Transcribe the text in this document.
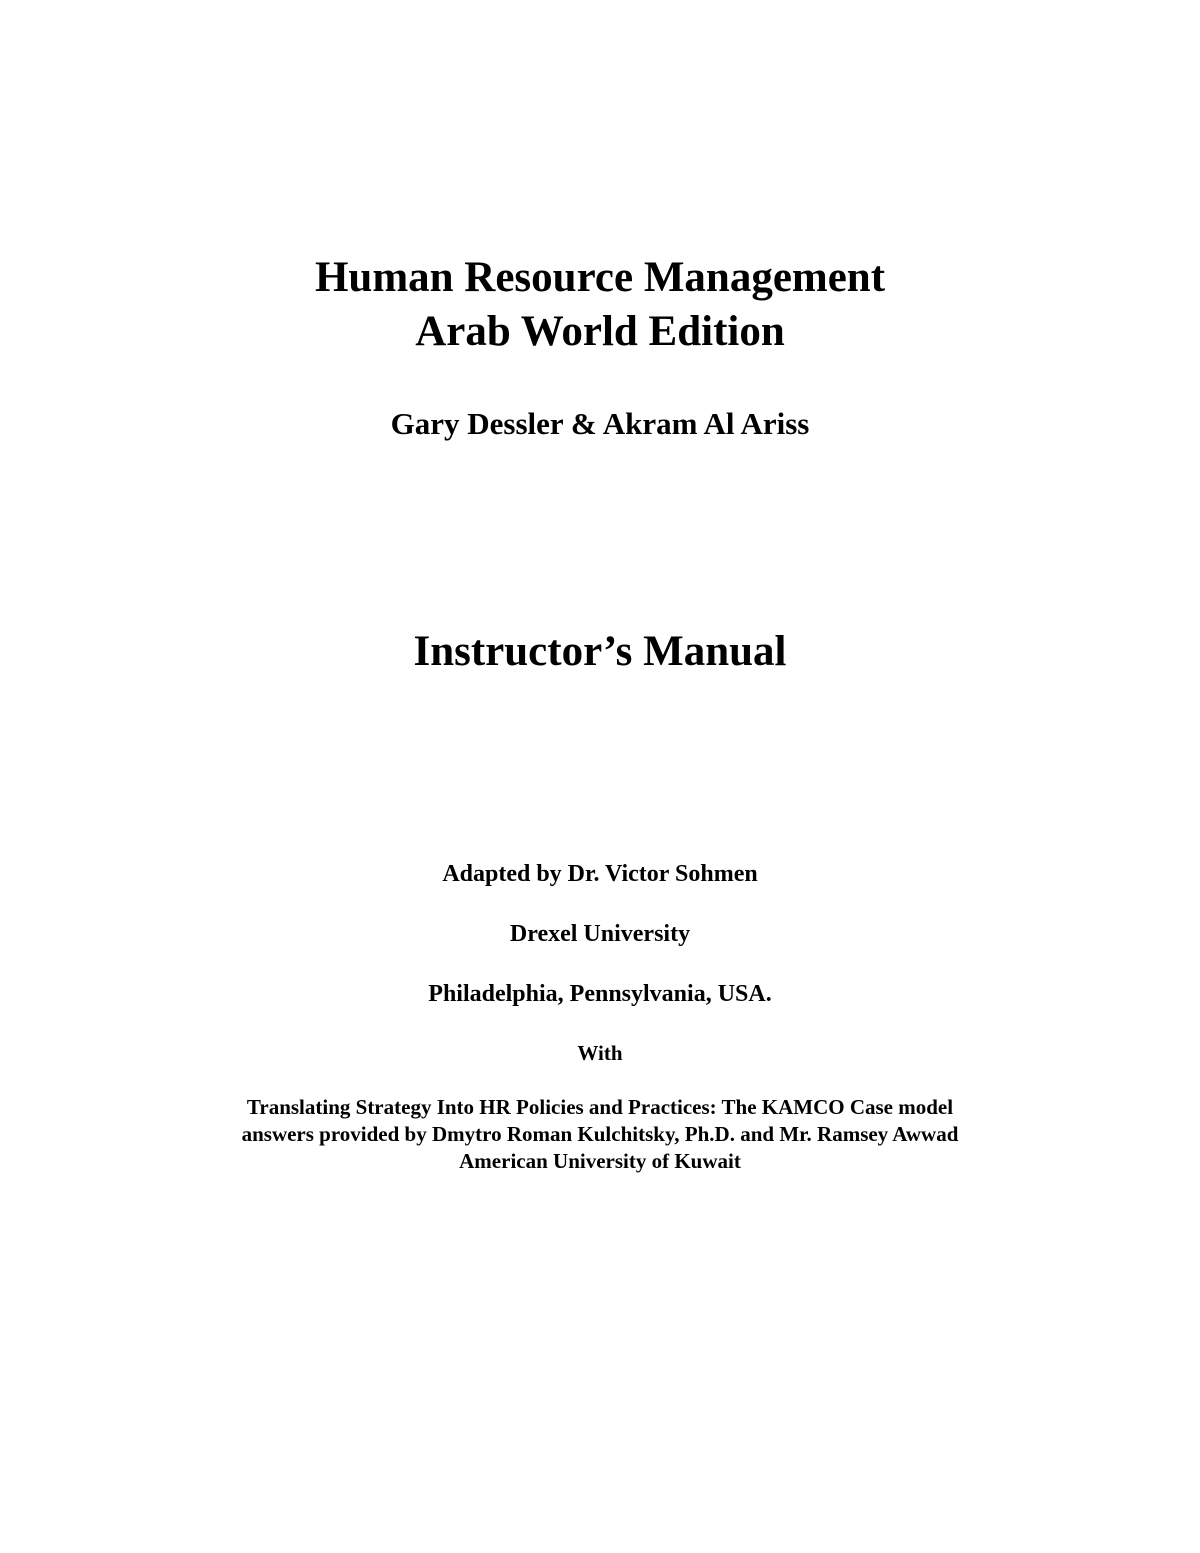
Human Resource Management

Arab World Edition

Gary Dessler & Akram Al Ariss

Instructor’s Manual

Adapted by Dr. Victor Sohmen

Drexel University

Philadelphia, Pennsylvania, USA.

With

Translating Strategy Into HR Policies and Practices: The KAMCO Case model

answers provided by Dmytro Roman Kulchitsky, Ph.D. and Mr. Ramsey Awwad

American University of Kuwait
